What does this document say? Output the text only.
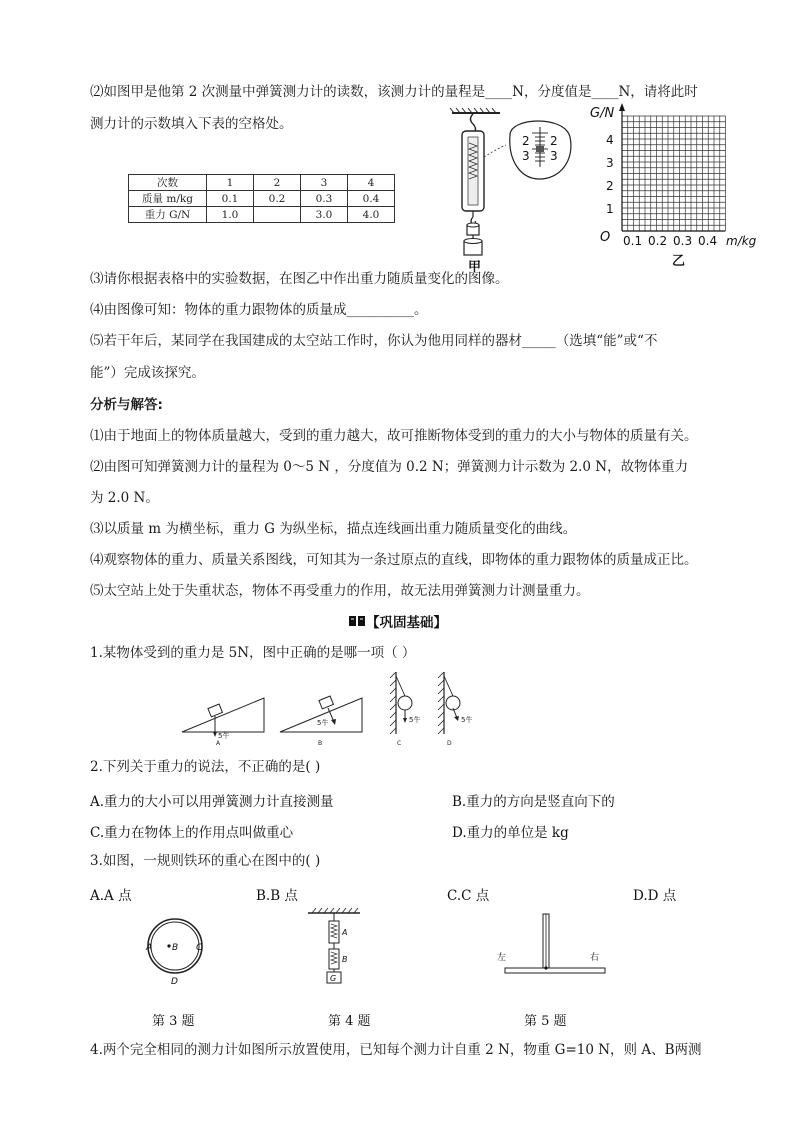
⑵如图甲是他第 2 次测量中弹簧测力计的读数，该测力计的量程是____N，分度值是____N，请将此时
测力计的示数填入下表的空格处。
次数	1	2	3	4
质量 m/kg	0.1	0.2	0.3	0.4
重力 G/N	1.0		3.0	4.0
2
3
2
3
甲
G/N
O
1
2
3
4
0.1 0.2 0.3 0.4 m/kg
乙
⑶请你根据表格中的实验数据，在图乙中作出重力随质量变化的图像。
⑷由图像可知：物体的重力跟物体的质量成__________。
⑸若干年后，某同学在我国建成的太空站工作时，你认为他用同样的器材_____（选填“能”或“不
能”）完成该探究。
分析与解答:
⑴由于地面上的物体质量越大，受到的重力越大，故可推断物体受到的重力的大小与物体的质量有关。
⑵由图可知弹簧测力计的量程为 0～5 N ，分度值为 0.2 N；弹簧测力计示数为 2.0 N，故物体重力
为 2.0 N。
⑶以质量 m 为横坐标，重力 G 为纵坐标，描点连线画出重力随质量变化的曲线。
⑷观察物体的重力、质量关系图线，可知其为一条过原点的直线，即物体的重力跟物体的质量成正比。
⑸太空站上处于失重状态，物体不再受重力的作用，故无法用弹簧测力计测量重力。
【巩固基础】
1.某物体受到的重力是 5N，图中正确的是哪一项（ ）
5牛
A
5牛
B
5牛
C
5牛
D
2.下列关于重力的说法，不正确的是( )
A.重力的大小可以用弹簧测力计直接测量	B.重力的方向是竖直向下的
C.重力在物体上的作用点叫做重心	D.重力的单位是 kg
3.如图，一规则铁环的重心在图中的( )
A.A 点	B.B 点	C.C 点	D.D 点
A B C
D
A
B
G
左	右
第 3 题	第 4 题	第 5 题
4.两个完全相同的测力计如图所示放置使用，已知每个测力计自重 2 N，物重 G=10 N，则 A、B两测
